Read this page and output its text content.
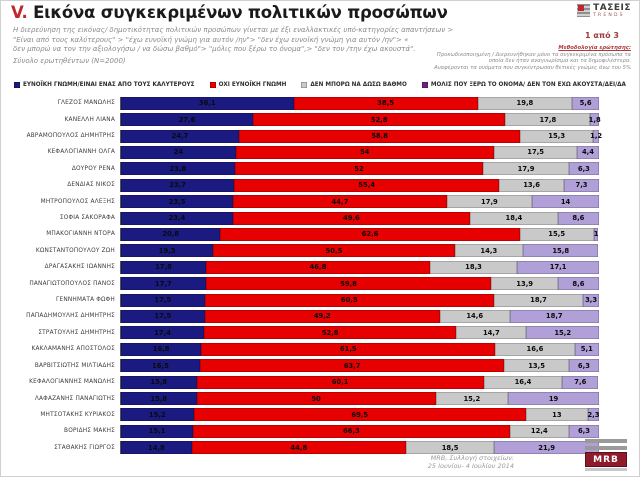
V. Εικόνα συγκεκριμένων πολιτικών προσώπων	ΤΑΣΕΙΣ
TRENDS
Η διερεύνηση της εικόνας/ δημοτικότητας πολιτικών προσώπων γίνεται με έξι εναλλακτικές υπό-κατηγορίες απαντήσεων >
"Είναι από τους καλύτερους" > "έχω ευνοϊκή γνώμη για αυτόν /ην"> "δεν έχω ευνοϊκή γνώμη για αυτόν /ην"> «
δεν μπορώ να τον την αξιολογήσω / να δώσω βαθμό"> "μόλις που ξέρω το όνομα",> "δεν τον /την έχω ακουστά".
Σύνολο ερωτηθέντων (Ν=2000)
1 από 3
Μεθοδολογία ερώτησης:
Προκωδικοποιημένη / Διερευνήθηκαν μόνο τα συγκεκριμένα πρόσωπα τα
οποία δεν ήταν αναγνωρίσιμα και τα δημοφιλέστερα.
Αναφέρονται τα ονόματα που συγκέντρωσαν θετικές γνώμες άνω του 5%
ΕΥΝΟΪΚΗ ΓΝΩΜΗ/ΕΙΝΑΙ ΕΝΑΣ ΑΠΟ ΤΟΥΣ ΚΑΛΥΤΕΡΟΥΣ	ΟΧΙ ΕΥΝΟΪΚΗ ΓΝΩΜΗ	ΔΕΝ ΜΠΟΡΩ ΝΑ ΔΩΣΩ ΒΑΘΜΟ	ΜΟΛΙΣ ΠΟΥ ΞΕΡΩ ΤΟ ΟΝΟΜΑ/ ΔΕΝ ΤΟΝ ΕΧΩ ΑΚΟΥΣΤΑ/ΔΕΙ/ΔΑ
ΓΛΕΖΟΣ ΜΑΝΩΛΗΣ	36,1	38,5	19,8	5,6
ΚΑΝΕΛΛΗ ΛΙΑΝΑ	27,6	52,8	17,8	1,8
ΑΒΡΑΜΟΠΟΥΛΟΣ ΔΗΜΗΤΡΗΣ	24,7	58,8	15,3	1,2
ΚΕΦΑΛΟΓΙΑΝΝΗ ΟΛΓΑ	24	54	17,5	4,4
ΔΟΥΡΟΥ ΡΕΝΑ	23,8	52	17,9	6,3
ΔΕΝΔΙΑΣ ΝΙΚΟΣ	23,7	55,4	13,6	7,3
ΜΗΤΡΟΠΟΥΛΟΣ ΑΛΕΞΗΣ	23,5	44,7	17,9	14
ΣΟΦΙΑ ΣΑΚΟΡΑΦΑ	23,4	49,6	18,4	8,6
ΜΠΑΚΟΓΙΑΝΝΗ ΝΤΟΡΑ	20,8	62,6	15,5	1
ΚΩΝΣΤΑΝΤΟΠΟΥΛΟΥ ΖΩΗ	19,3	50,5	14,3	15,8
ΔΡΑΓΑΣΑΚΗΣ ΙΩΑΝΝΗΣ	17,8	46,8	18,3	17,1
ΠΑΝΑΓΙΩΤΟΠΟΥΛΟΣ ΠΑΝΟΣ	17,7	59,8	13,9	8,6
ΓΕΝΝΗΜΑΤΑ ΦΩΦΗ	17,5	60,5	18,7	3,3
ΠΑΠΑΔΗΜΟΥΛΗΣ ΔΗΜΗΤΡΗΣ	17,5	49,2	14,6	18,7
ΣΤΡΑΤΟΥΛΗΣ ΔΗΜΗΤΡΗΣ	17,4	52,8	14,7	15,2
ΚΑΚΛΑΜΑΝΗΣ ΑΠΟΣΤΟΛΟΣ	16,8	61,5	16,6	5,1
ΒΑΡΒΙΤΣΙΩΤΗΣ ΜΙΛΤΙΑΔΗΣ	16,5	63,7	13,5	6,3
ΚΕΦΑΛΟΓΙΑΝΝΗΣ ΜΑΝΩΛΗΣ	15,8	60,1	16,4	7,6
ΛΑΦΑΖΑΝΗΣ ΠΑΝΑΓΙΩΤΗΣ	15,8	50	15,2	19
ΜΗΤΣΟΤΑΚΗΣ ΚΥΡΙΑΚΟΣ	15,2	69,5	13	2,3
ΒΟΡΙΔΗΣ ΜΑΚΗΣ	15,1	66,3	12,4	6,3
ΣΤΑΘΑΚΗΣ ΓΙΩΡΓΟΣ	14,8	44,8	18,5	21,9
MRB, Συλλογή στοιχείων:
25 Ιουνίου- 4 Ιουλίου 2014
MRB
